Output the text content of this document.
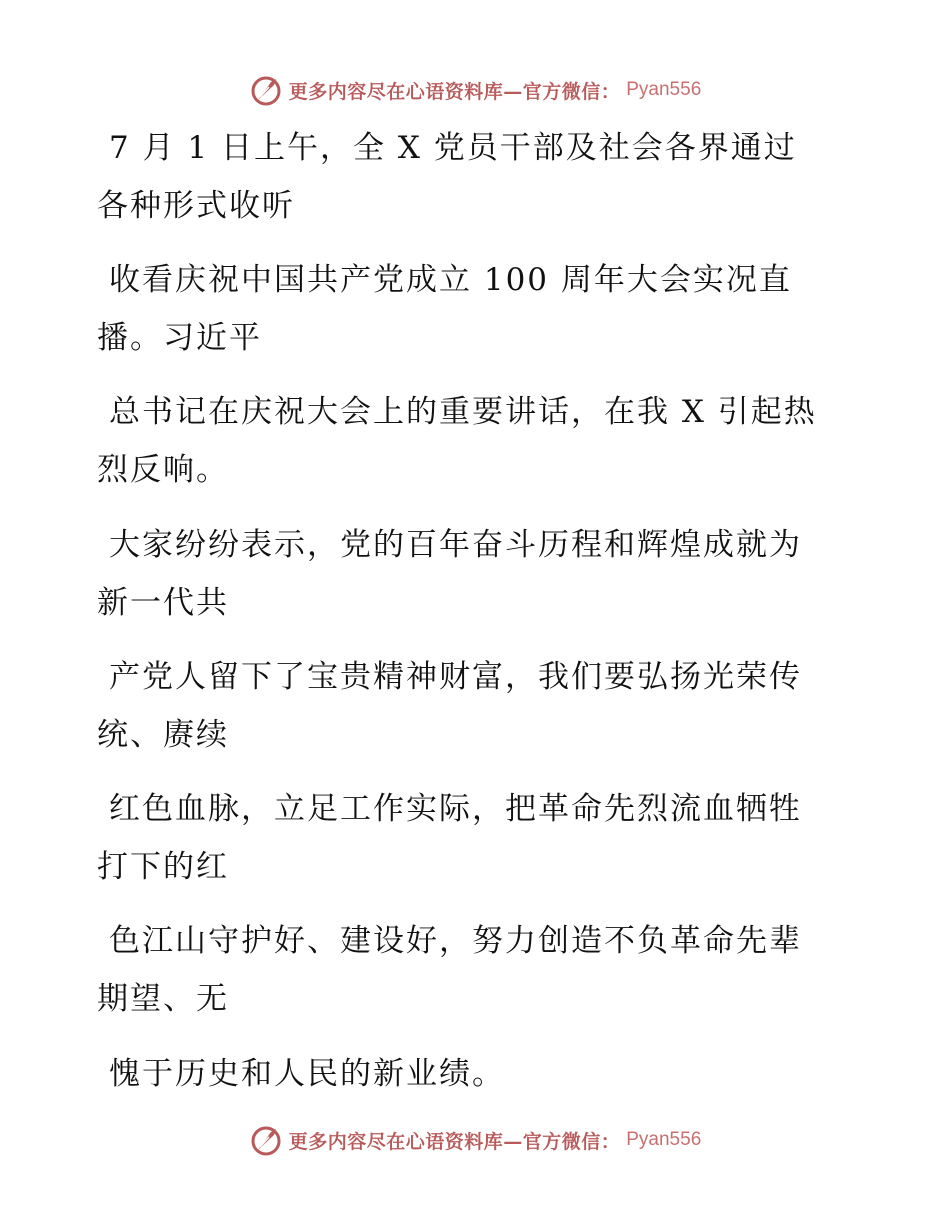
更多内容尽在心语资料库—官方微信： Pyan556
7 月 1 日上午，全 X 党员干部及社会各界通过
各种形式收听
收看庆祝中国共产党成立 100 周年大会实况直
播。习近平
总书记在庆祝大会上的重要讲话，在我 X 引起热
烈反响。
大家纷纷表示，党的百年奋斗历程和辉煌成就为
新一代共
产党人留下了宝贵精神财富，我们要弘扬光荣传
统、赓续
红色血脉，立足工作实际，把革命先烈流血牺牲
打下的红
色江山守护好、建设好，努力创造不负革命先辈
期望、无
愧于历史和人民的新业绩。
更多内容尽在心语资料库—官方微信： Pyan556
